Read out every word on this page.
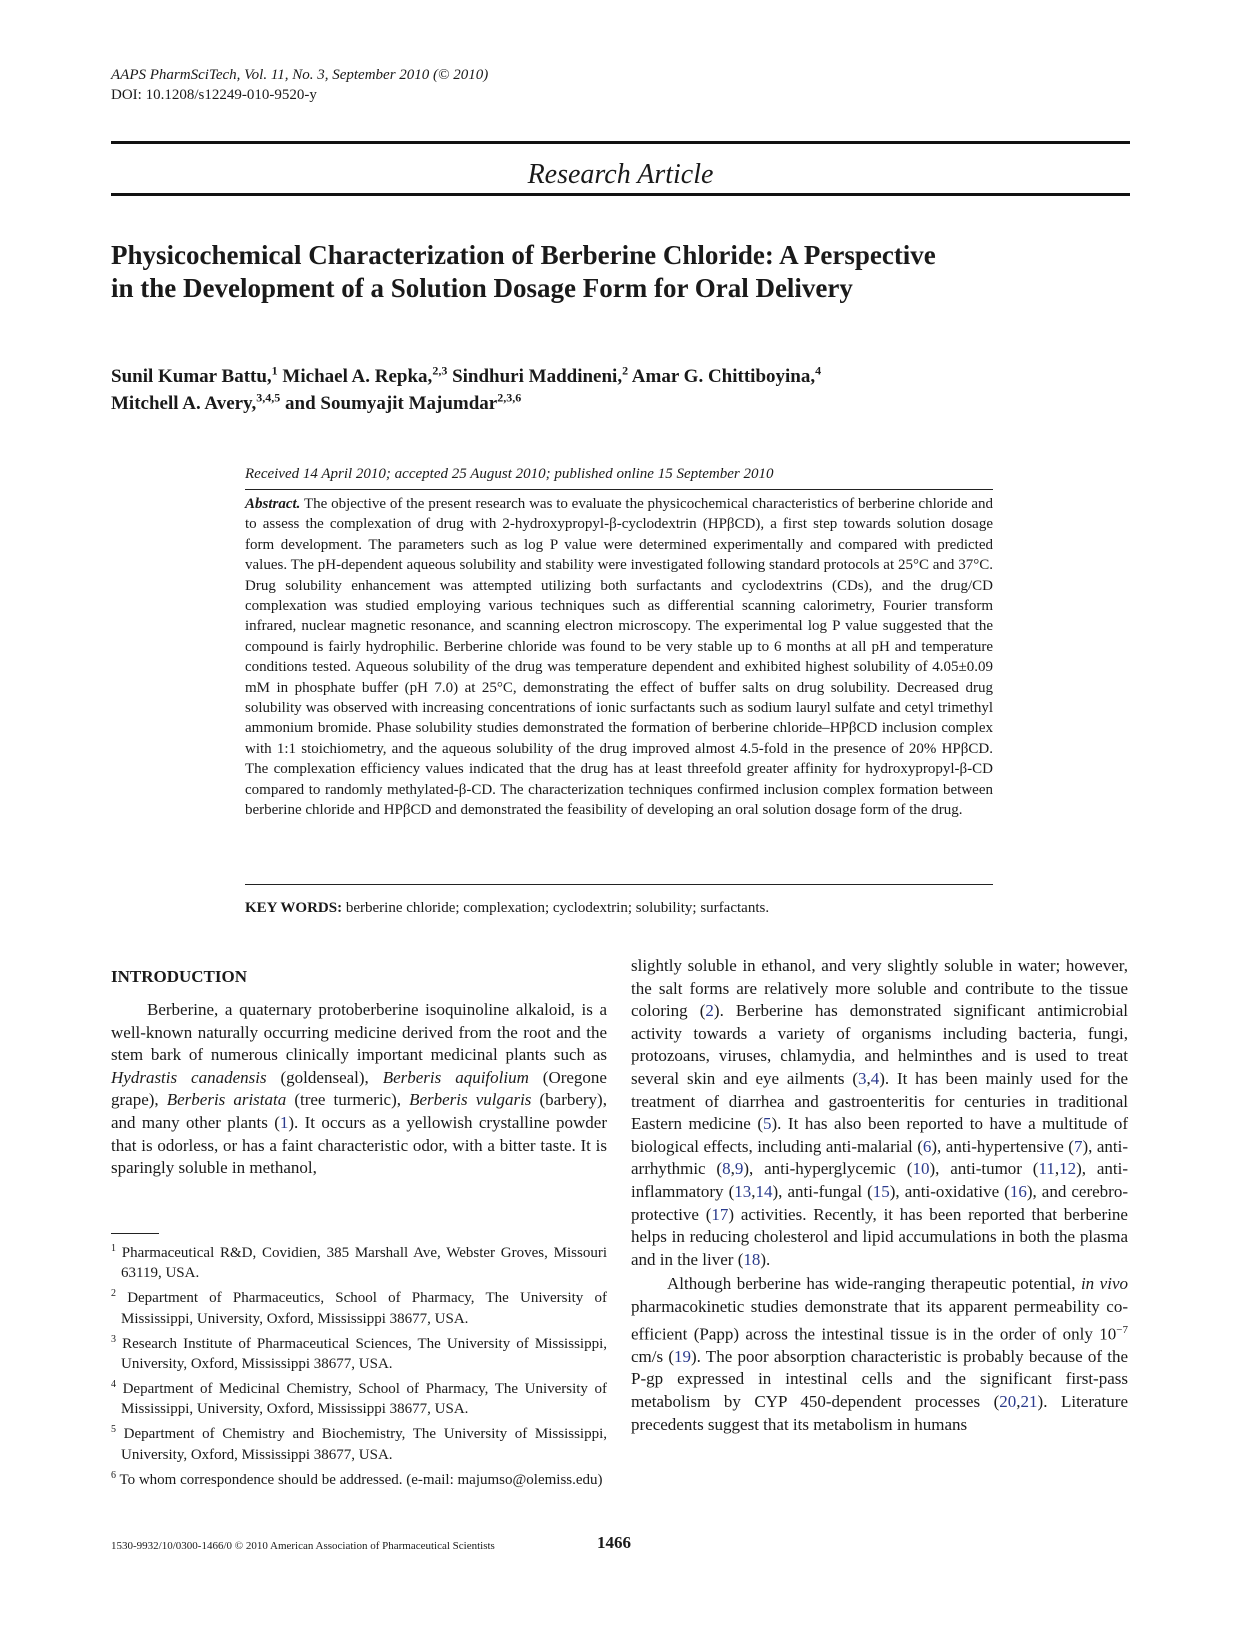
AAPS PharmSciTech, Vol. 11, No. 3, September 2010 (© 2010)
DOI: 10.1208/s12249-010-9520-y
Research Article
Physicochemical Characterization of Berberine Chloride: A Perspective
in the Development of a Solution Dosage Form for Oral Delivery
Sunil Kumar Battu,$^1$ Michael A. Repka,$^{2,3}$ Sindhuri Maddineni,$^2$ Amar G. Chittiboyina,$^4$
Mitchell A. Avery,$^{3,4,5}$ and Soumyajit Majumdar$^{2,3,6}$
Received 14 April 2010; accepted 25 August 2010; published online 15 September 2010
Abstract. The objective of the present research was to evaluate the physicochemical characteristics of berberine chloride and to assess the complexation of drug with 2-hydroxypropyl-β-cyclodextrin (HPβCD), a first step towards solution dosage form development. The parameters such as log P value were determined experimentally and compared with predicted values. The pH-dependent aqueous solubility and stability were investigated following standard protocols at 25°C and 37°C. Drug solubility enhancement was attempted utilizing both surfactants and cyclodextrins (CDs), and the drug/CD complexation was studied employing various techniques such as differential scanning calorimetry, Fourier transform infrared, nuclear magnetic resonance, and scanning electron microscopy. The experimental log P value suggested that the compound is fairly hydrophilic. Berberine chloride was found to be very stable up to 6 months at all pH and temperature conditions tested. Aqueous solubility of the drug was temperature dependent and exhibited highest solubility of 4.05±0.09 mM in phosphate buffer (pH 7.0) at 25°C, demonstrating the effect of buffer salts on drug solubility. Decreased drug solubility was observed with increasing concentrations of ionic surfactants such as sodium lauryl sulfate and cetyl trimethyl ammonium bromide. Phase solubility studies demonstrated the formation of berberine chloride–HPβCD inclusion complex with 1:1 stoichiometry, and the aqueous solubility of the drug improved almost 4.5-fold in the presence of 20% HPβCD. The complexation efficiency values indicated that the drug has at least threefold greater affinity for hydroxypropyl-β-CD compared to randomly methylated-β-CD. The characterization techniques confirmed inclusion complex formation between berberine chloride and HPβCD and demonstrated the feasibility of developing an oral solution dosage form of the drug.
KEY WORDS: berberine chloride; complexation; cyclodextrin; solubility; surfactants.
INTRODUCTION

Berberine, a quaternary protoberberine isoquinoline alkaloid, is a well-known naturally occurring medicine derived from the root and the stem bark of numerous clinically important medicinal plants such as Hydrastis canadensis (goldenseal), Berberis aquifolium (Oregone grape), Berberis aristata (tree turmeric), Berberis vulgaris (barbery), and many other plants (1). It occurs as a yellowish crystalline powder that is odorless, or has a faint characteristic odor, with a bitter taste. It is sparingly soluble in methanol,

$^1$ Pharmaceutical R&D, Covidien, 385 Marshall Ave, Webster Groves, Missouri 63119, USA.

$^2$ Department of Pharmaceutics, School of Pharmacy, The University of Mississippi, University, Oxford, Mississippi 38677, USA.

$^3$ Research Institute of Pharmaceutical Sciences, The University of Mississippi, University, Oxford, Mississippi 38677, USA.

$^4$ Department of Medicinal Chemistry, School of Pharmacy, The University of Mississippi, University, Oxford, Mississippi 38677, USA.

$^5$ Department of Chemistry and Biochemistry, The University of Mississippi, University, Oxford, Mississippi 38677, USA.

$^6$ To whom correspondence should be addressed. (e-mail: majumso@olemiss.edu)

slightly soluble in ethanol, and very slightly soluble in water; however, the salt forms are relatively more soluble and contribute to the tissue coloring (2). Berberine has demonstrated significant antimicrobial activity towards a variety of organisms including bacteria, fungi, protozoans, viruses, chlamydia, and helminthes and is used to treat several skin and eye ailments (3,4). It has been mainly used for the treatment of diarrhea and gastroenteritis for centuries in traditional Eastern medicine (5). It has also been reported to have a multitude of biological effects, including anti-malarial (6), anti-hypertensive (7), anti-arrhythmic (8,9), anti-hyperglycemic (10), anti-tumor (11,12), anti-inflammatory (13,14), anti-fungal (15), anti-oxidative (16), and cerebro-protective (17) activities. Recently, it has been reported that berberine helps in reducing cholesterol and lipid accumulations in both the plasma and in the liver (18).

Although berberine has wide-ranging therapeutic potential, in vivo pharmacokinetic studies demonstrate that its apparent permeability co-efficient (Papp) across the intestinal tissue is in the order of only $10^{-7}$ cm/s (19). The poor absorption characteristic is probably because of the P-gp expressed in intestinal cells and the significant first-pass metabolism by CYP 450-dependent processes (20,21). Literature precedents suggest that its metabolism in humans

1530-9932/10/0300-1466/0 © 2010 American Association of Pharmaceutical Scientists	1466
